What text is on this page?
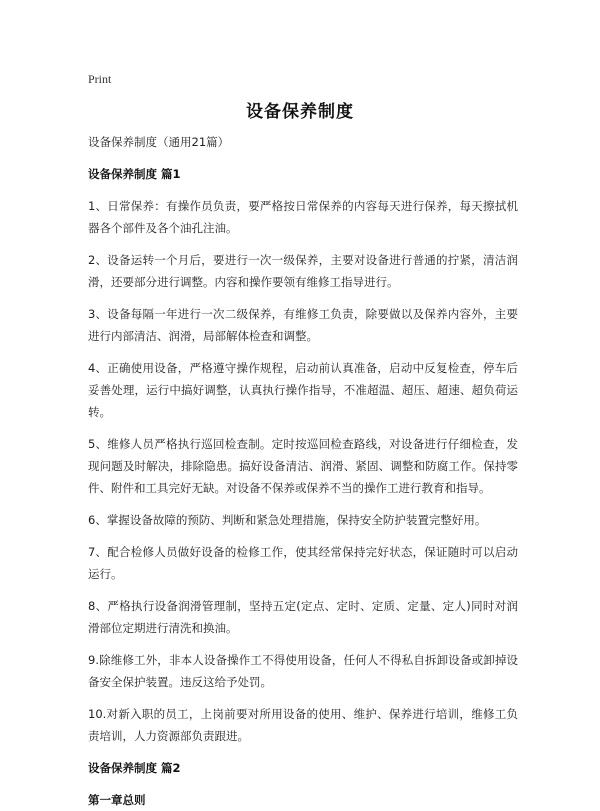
Print
设备保养制度

设备保养制度（通用21篇）

设备保养制度 篇1

1、日常保养：有操作员负责，要严格按日常保养的内容每天进行保养，每天擦拭机器各个部件及各个油孔注油。

2、设备运转一个月后，要进行一次一级保养，主要对设备进行普通的拧紧，清洁润滑，还要部分进行调整。内容和操作要领有维修工指导进行。

3、设备每隔一年进行一次二级保养，有维修工负责，除要做以及保养内容外，主要进行内部清洁、润滑，局部解体检查和调整。

4、正确使用设备，严格遵守操作规程，启动前认真准备，启动中反复检查，停车后妥善处理，运行中搞好调整，认真执行操作指导，不准超温、超压、超速、超负荷运转。

5、维修人员严格执行巡回检查制。定时按巡回检查路线，对设备进行仔细检查，发现问题及时解决，排除隐患。搞好设备清洁、润滑、紧固、调整和防腐工作。保持零件、附件和工具完好无缺。对设备不保养或保养不当的操作工进行教育和指导。

6、掌握设备故障的预防、判断和紧急处理措施，保持安全防护装置完整好用。

7、配合检修人员做好设备的检修工作，使其经常保持完好状态，保证随时可以启动运行。

8、严格执行设备润滑管理制，坚持五定(定点、定时、定质、定量、定人)同时对润滑部位定期进行清洗和换油。

9.除维修工外，非本人设备操作工不得使用设备，任何人不得私自拆卸设备或卸掉设备安全保护装置。违反这给予处罚。

10.对新入职的员工，上岗前要对所用设备的使用、维护、保养进行培训，维修工负责培训，人力资源部负责跟进。

设备保养制度 篇2

第一章总则
